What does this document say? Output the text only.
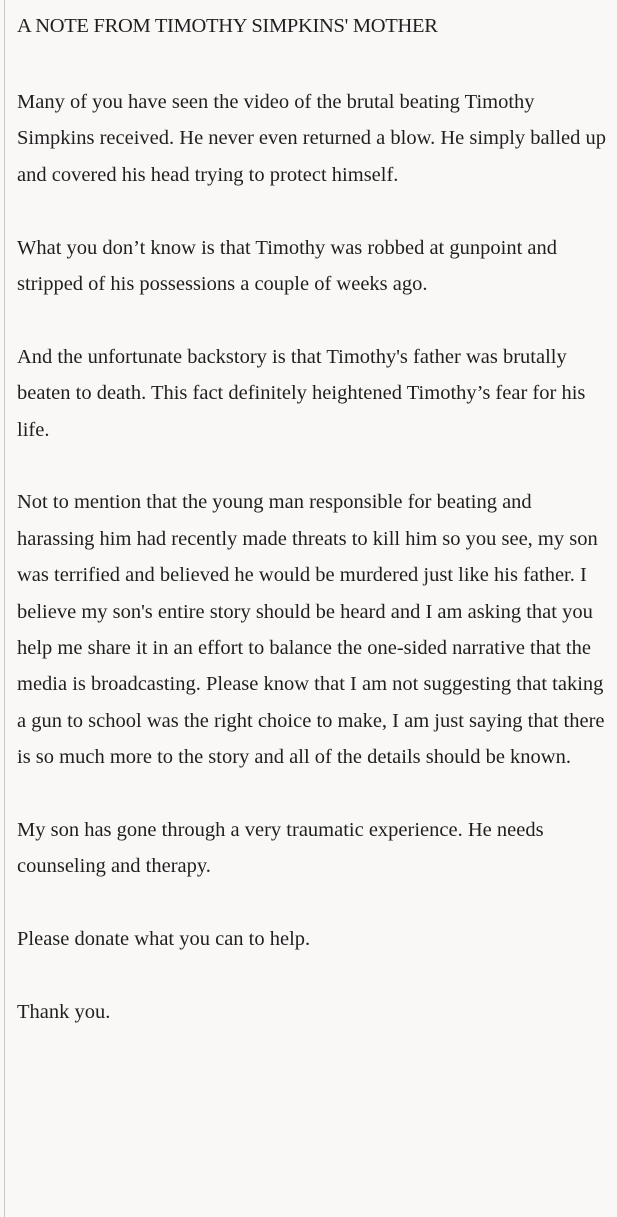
A NOTE FROM TIMOTHY SIMPKINS' MOTHER

Many of you have seen the video of the brutal beating Timothy Simpkins received. He never even returned a blow. He simply balled up and covered his head trying to protect himself.

What you don’t know is that Timothy was robbed at gunpoint and stripped of his possessions a couple of weeks ago.

And the unfortunate backstory is that Timothy's father was brutally beaten to death. This fact definitely heightened Timothy’s fear for his life.

Not to mention that the young man responsible for beating and harassing him had recently made threats to kill him so you see, my son was terrified and believed he would be murdered just like his father. I believe my son's entire story should be heard and I am asking that you help me share it in an effort to balance the one-sided narrative that the media is broadcasting. Please know that I am not suggesting that taking a gun to school was the right choice to make, I am just saying that there is so much more to the story and all of the details should be known.

My son has gone through a very traumatic experience. He needs counseling and therapy.

Please donate what you can to help.

Thank you.
